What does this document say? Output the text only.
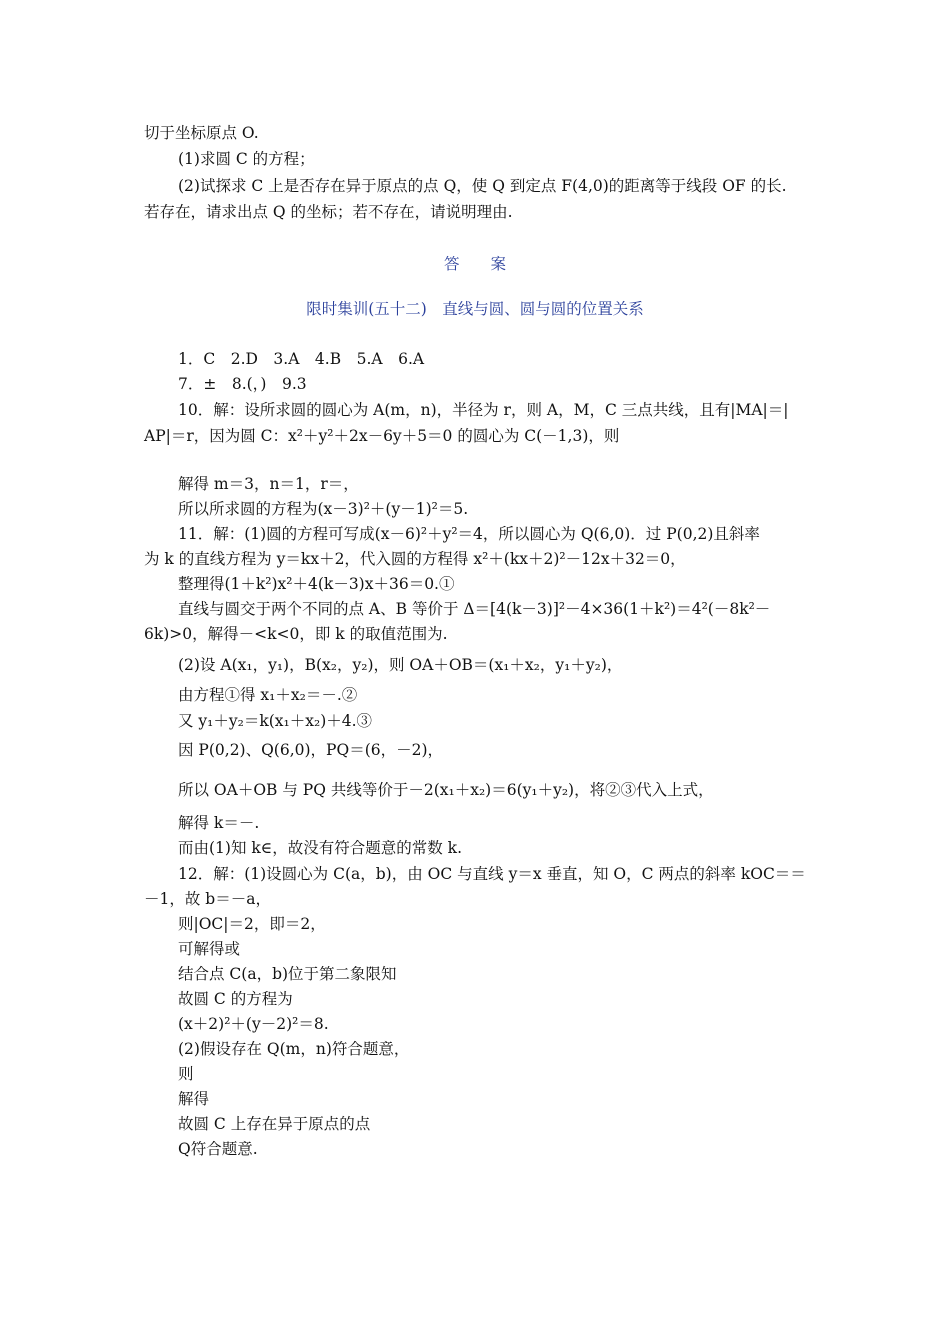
切于坐标原点 O.
(1)求圆 C 的方程；
(2)试探求 C 上是否存在异于原点的点 Q，使 Q 到定点 F(4,0)的距离等于线段 OF 的长.
若存在，请求出点 Q 的坐标；若不存在，请说明理由.
答　　案
限时集训(五十二)　直线与圆、圆与圆的位置关系
1．C　2.D　3.A　4.B　5.A　6.A
7．±　8.(，)　9.3
10．解：设所求圆的圆心为 A(m，n)，半径为 r，则 A，M，C 三点共线，且有|MA|＝|
AP|＝r，因为圆 C：x²＋y²＋2x－6y＋5＝0 的圆心为 C(－1,3)，则
解得 m＝3，n＝1，r＝，
所以所求圆的方程为(x－3)²＋(y－1)²＝5.
11．解：(1)圆的方程可写成(x－6)²＋y²＝4，所以圆心为 Q(6,0)．过 P(0,2)且斜率
为 k 的直线方程为 y＝kx＋2，代入圆的方程得 x²＋(kx＋2)²－12x＋32＝0，
整理得(1＋k²)x²＋4(k－3)x＋36＝0.①
直线与圆交于两个不同的点 A、B 等价于 Δ＝[4(k－3)]²－4×36(1＋k²)＝4²(－8k²－
6k)>0，解得－<k<0，即 k 的取值范围为.
(2)设 A(x₁，y₁)，B(x₂，y₂)，则 OA＋OB＝(x₁＋x₂，y₁＋y₂)，
由方程①得 x₁＋x₂＝－.②
又 y₁＋y₂＝k(x₁＋x₂)＋4.③
因 P(0,2)、Q(6,0)，PQ＝(6，－2)，
所以 OA＋OB 与 PQ 共线等价于－2(x₁＋x₂)＝6(y₁＋y₂)，将②③代入上式，
解得 k＝－.
而由(1)知 k∈，故没有符合题意的常数 k.
12．解：(1)设圆心为 C(a，b)，由 OC 与直线 y＝x 垂直，知 O，C 两点的斜率 kOC＝＝
－1，故 b＝－a，
则|OC|＝2，即＝2，
可解得或
结合点 C(a，b)位于第二象限知
故圆 C 的方程为
(x＋2)²＋(y－2)²＝8.
(2)假设存在 Q(m，n)符合题意，
则
解得
故圆 C 上存在异于原点的点
Q符合题意.
